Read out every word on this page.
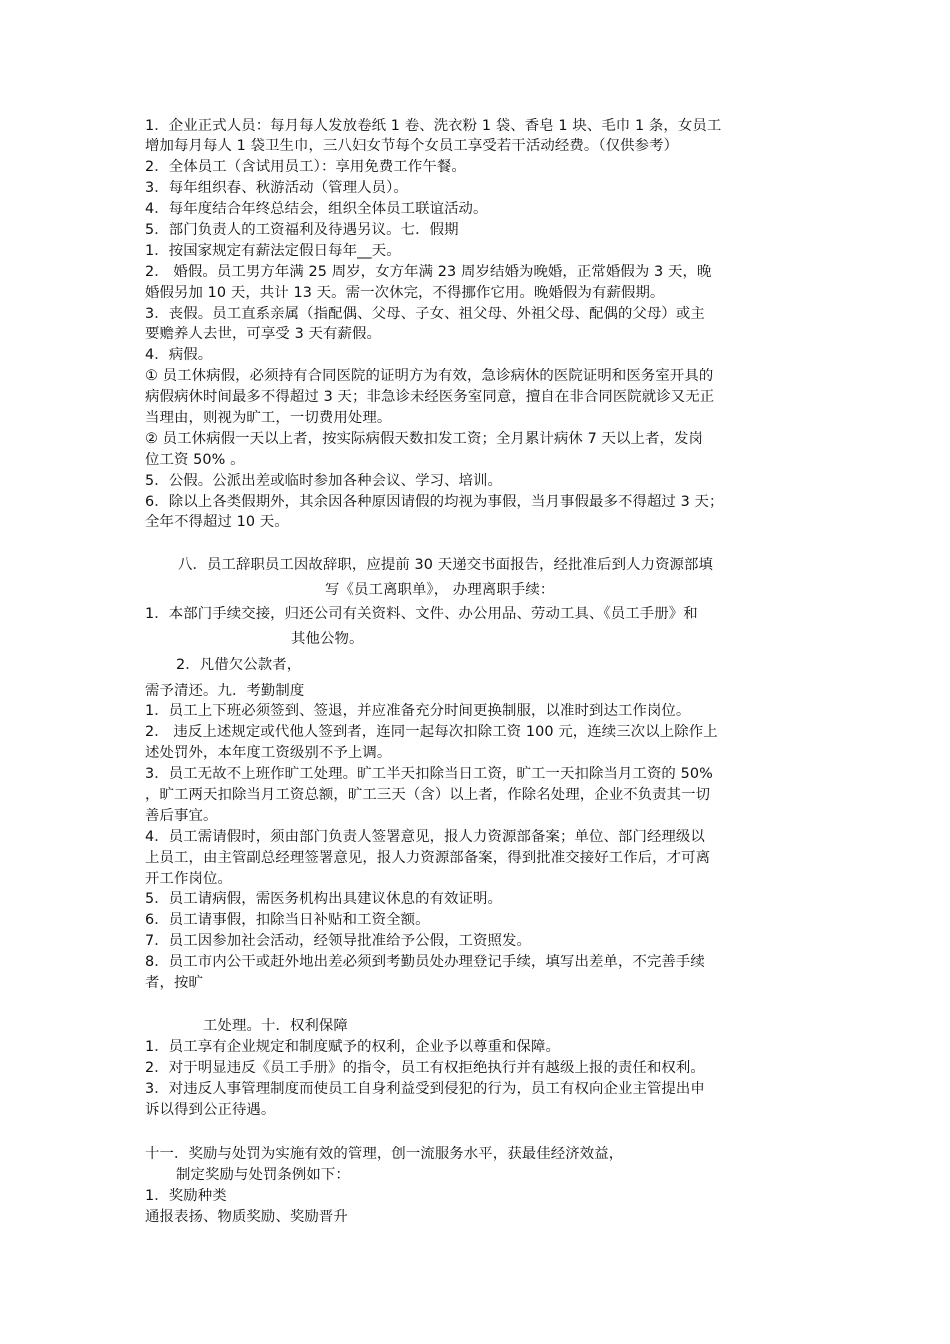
1．企业正式人员：每月每人发放卷纸 1 卷、洗衣粉 1 袋、香皂 1 块、毛巾 1 条，女员工
增加每月每人 1 袋卫生巾，三八妇女节每个女员工享受若干活动经费。（仅供参考）
2．全体员工（含试用员工）：享用免费工作午餐。
3．每年组织春、秋游活动（管理人员）。
4．每年度结合年终总结会，组织全体员工联谊活动。
5．部门负责人的工资福利及待遇另议。七．假期
1．按国家规定有薪法定假日每年__天。
2． 婚假。员工男方年满 25 周岁，女方年满 23 周岁结婚为晚婚，正常婚假为 3 天，晚
婚假另加 10 天，共计 13 天。需一次休完，不得挪作它用。晚婚假为有薪假期。
3．丧假。员工直系亲属（指配偶、父母、子女、祖父母、外祖父母、配偶的父母）或主
要赡养人去世，可享受 3 天有薪假。
4．病假。
① 员工休病假，必须持有合同医院的证明方为有效，急诊病休的医院证明和医务室开具的
病假病休时间最多不得超过 3 天；非急诊未经医务室同意，擅自在非合同医院就诊又无正
当理由，则视为旷工，一切费用处理。
② 员工休病假一天以上者，按实际病假天数扣发工资；全月累计病休 7 天以上者，发岗
位工资 50% 。
5．公假。公派出差或临时参加各种会议、学习、培训。
6．除以上各类假期外，其余因各种原因请假的均视为事假，当月事假最多不得超过 3 天；
全年不得超过 10 天。
八．员工辞职员工因故辞职，应提前 30 天递交书面报告，经批准后到人力资源部填
写《员工离职单》， 办理离职手续：
1．本部门手续交接，归还公司有关资料、文件、办公用品、劳动工具、《员工手册》和
其他公物。
2．凡借欠公款者，
需予清还。九．考勤制度
1．员工上下班必须签到、签退，并应准备充分时间更换制服，以准时到达工作岗位。
2． 违反上述规定或代他人签到者，连同一起每次扣除工资 100 元，连续三次以上除作上
述处罚外，本年度工资级别不予上调。
3．员工无故不上班作旷工处理。旷工半天扣除当日工资，旷工一天扣除当月工资的 50%
，旷工两天扣除当月工资总额，旷工三天（含）以上者，作除名处理，企业不负责其一切
善后事宜。
4．员工需请假时，须由部门负责人签署意见，报人力资源部备案；单位、部门经理级以
上员工，由主管副总经理签署意见，报人力资源部备案，得到批准交接好工作后，才可离
开工作岗位。
5．员工请病假，需医务机构出具建议休息的有效证明。
6．员工请事假，扣除当日补贴和工资全额。
7．员工因参加社会活动，经领导批准给予公假，工资照发。
8．员工市内公干或赶外地出差必须到考勤员处办理登记手续，填写出差单，不完善手续
者，按旷
工处理。十．权利保障
1．员工享有企业规定和制度赋予的权利，企业予以尊重和保障。
2．对于明显违反《员工手册》的指令，员工有权拒绝执行并有越级上报的责任和权利。
3．对违反人事管理制度而使员工自身利益受到侵犯的行为，员工有权向企业主管提出申
诉以得到公正待遇。
十一．奖励与处罚为实施有效的管理，创一流服务水平，获最佳经济效益，
制定奖励与处罚条例如下：
1．奖励种类
通报表扬、物质奖励、奖励晋升
